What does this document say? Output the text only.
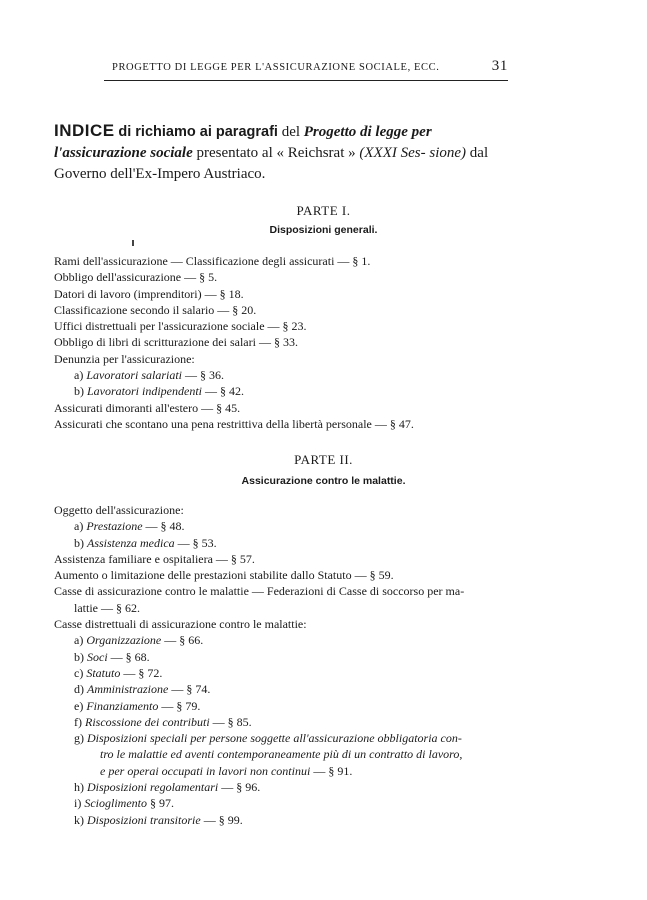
PROGETTO DI LEGGE PER L'ASSICURAZIONE SOCIALE, ECC.	31
INDICE di richiamo ai paragrafi del Progetto di legge per l'assicurazione sociale presentato al « Reichsrat » (XXXI Ses- sione) dal Governo dell'Ex-Impero Austriaco.
PARTE I.
Disposizioni generali.
Rami dell'assicurazione — Classificazione degli assicurati — § 1.
Obbligo dell'assicurazione — § 5.
Datori di lavoro (imprenditori) — § 18.
Classificazione secondo il salario — § 20.
Uffici distrettuali per l'assicurazione sociale — § 23.
Obbligo di libri di scritturazione dei salari — § 33.
Denunzia per l'assicurazione:
a) Lavoratori salariati — § 36.
b) Lavoratori indipendenti — § 42.
Assicurati dimoranti all'estero — § 45.
Assicurati che scontano una pena restrittiva della libertà personale — § 47.
PARTE II.
Assicurazione contro le malattie.
Oggetto dell'assicurazione:
a) Prestazione — § 48.
b) Assistenza medica — § 53.
Assistenza familiare e ospitaliera — § 57.
Aumento o limitazione delle prestazioni stabilite dallo Statuto — § 59.
Casse di assicurazione contro le malattie — Federazioni di Casse di soccorso per ma-
lattie — § 62.
Casse distrettuali di assicurazione contro le malattie:
a) Organizzazione — § 66.
b) Soci — § 68.
c) Statuto — § 72.
d) Amministrazione — § 74.
e) Finanziamento — § 79.
f) Riscossione dei contributi — § 85.
g) Disposizioni speciali per persone soggette all'assicurazione obbligatoria con-
tro le malattie ed aventi contemporaneamente più di un contratto di lavoro,
e per operai occupati in lavori non continui — § 91.
h) Disposizioni regolamentari — § 96.
i) Scioglimento § 97.
k) Disposizioni transitorie — § 99.
